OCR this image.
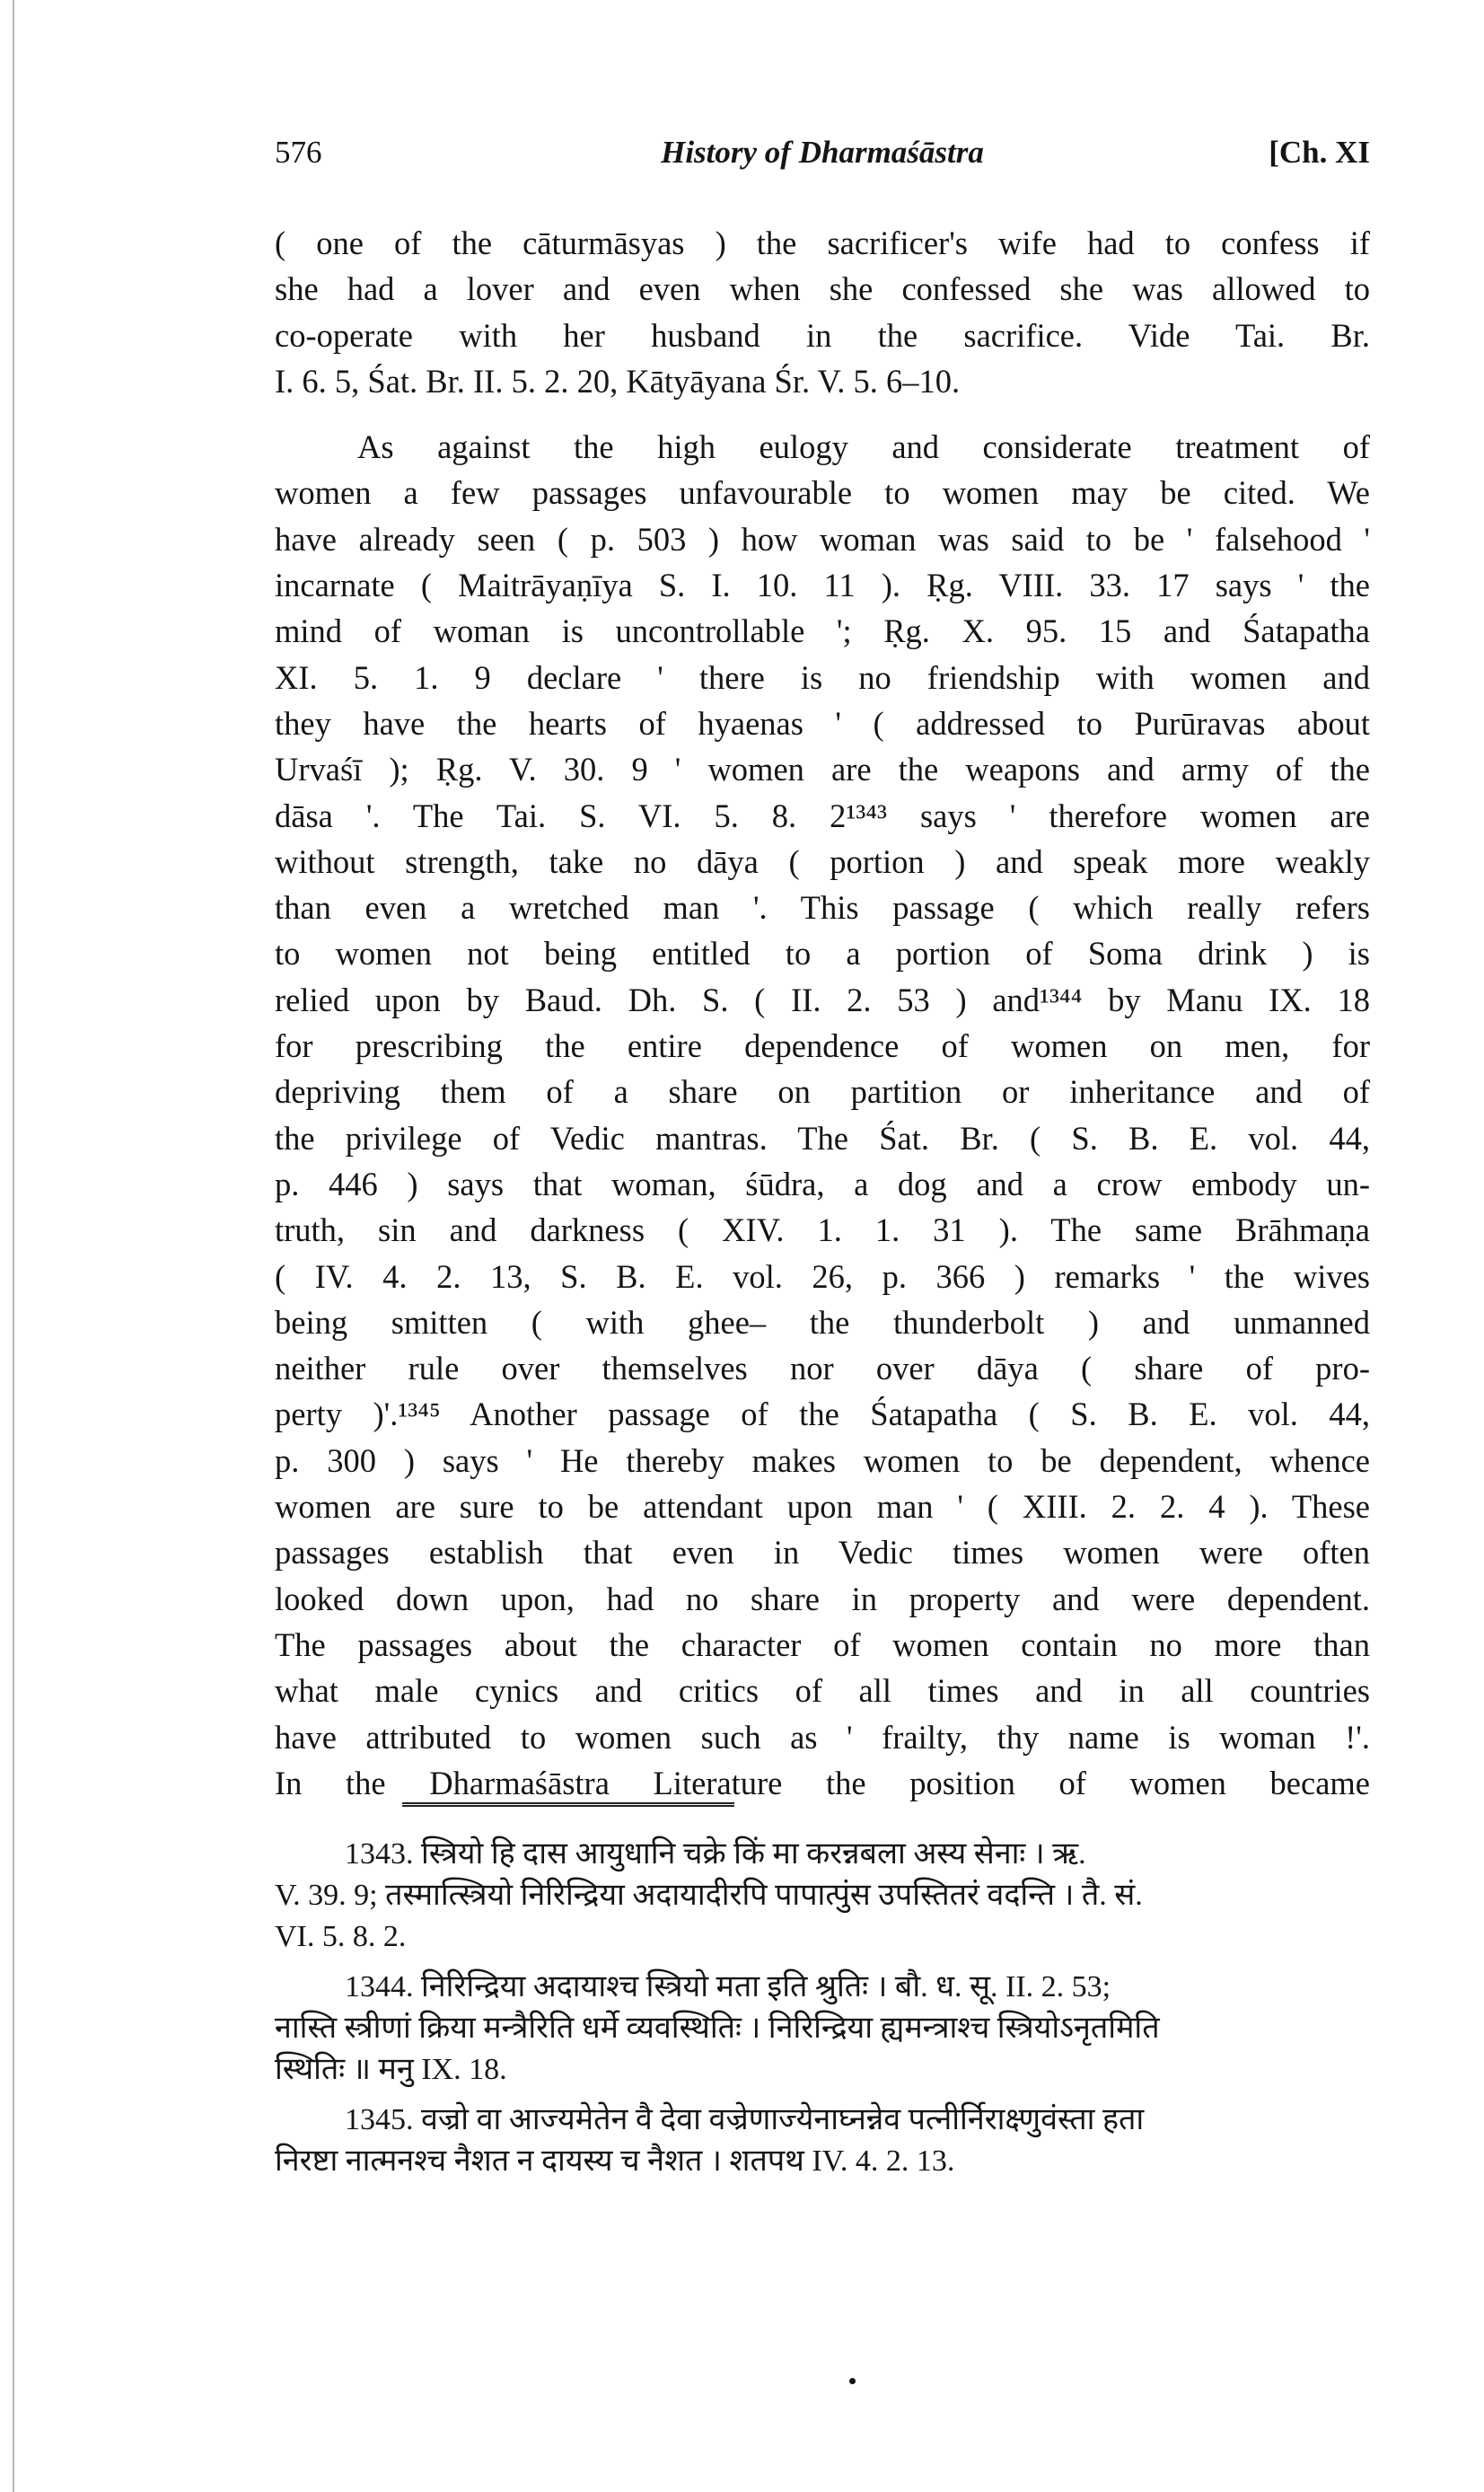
576	History of Dharmaśāstra	[Ch. XI
( one of the cāturmāsyas ) the sacrificer's wife had to confess if
she had a lover and even when she confessed she was allowed to
co-operate with her husband in the sacrifice. Vide Tai. Br.
I. 6. 5, Śat. Br. II. 5. 2. 20, Kātyāyana Śr. V. 5. 6–10.
As against the high eulogy and considerate treatment of
women a few passages unfavourable to women may be cited. We
have already seen ( p. 503 ) how woman was said to be ' falsehood '
incarnate ( Maitrāyaṇīya S. I. 10. 11 ). Ṛg. VIII. 33. 17 says ' the
mind of woman is uncontrollable '; Ṛg. X. 95. 15 and Śatapatha
XI. 5. 1. 9 declare ' there is no friendship with women and
they have the hearts of hyaenas ' ( addressed to Purūravas about
Urvaśī ); Ṛg. V. 30. 9 ' women are the weapons and army of the
dāsa '. The Tai. S. VI. 5. 8. 2¹³⁴³ says ' therefore women are
without strength, take no dāya ( portion ) and speak more weakly
than even a wretched man '. This passage ( which really refers
to women not being entitled to a portion of Soma drink ) is
relied upon by Baud. Dh. S. ( II. 2. 53 ) and¹³⁴⁴ by Manu IX. 18
for prescribing the entire dependence of women on men, for
depriving them of a share on partition or inheritance and of
the privilege of Vedic mantras. The Śat. Br. ( S. B. E. vol. 44,
p. 446 ) says that woman, śūdra, a dog and a crow embody un-
truth, sin and darkness ( XIV. 1. 1. 31 ). The same Brāhmaṇa
( IV. 4. 2. 13, S. B. E. vol. 26, p. 366 ) remarks ' the wives
being smitten ( with ghee– the thunderbolt ) and unmanned
neither rule over themselves nor over dāya ( share of pro-
perty )'.¹³⁴⁵ Another passage of the Śatapatha ( S. B. E. vol. 44,
p. 300 ) says ' He thereby makes women to be dependent, whence
women are sure to be attendant upon man ' ( XIII. 2. 2. 4 ). These
passages establish that even in Vedic times women were often
looked down upon, had no share in property and were dependent.
The passages about the character of women contain no more than
what male cynics and critics of all times and in all countries
have attributed to women such as ' frailty, thy name is woman !'.
In the Dharmaśāstra Literature the position of women became
1343. स्त्रियो हि दास आयुधानि चक्रे किं मा करन्नबला अस्य सेनाः । ऋ.
V. 39. 9; तस्मात्स्त्रियो निरिन्द्रिया अदायादीरपि पापात्पुंस उपस्तितरं वदन्ति । तै. सं.
VI. 5. 8. 2.
1344. निरिन्द्रिया अदायाश्च स्त्रियो मता इति श्रुतिः । बौ. ध. सू. II. 2. 53;
नास्ति स्त्रीणां क्रिया मन्त्रैरिति धर्मे व्यवस्थितिः । निरिन्द्रिया ह्यमन्त्राश्च स्त्रियोऽनृतमिति
स्थितिः ॥ मनु IX. 18.
1345. वज्रो वा आज्यमेतेन वै देवा वज्रेणाज्येनाघ्नन्नेव पत्नीर्निराक्ष्णुवंस्ता हता
निरष्टा नात्मनश्च नैशत न दायस्य च नैशत । शतपथ IV. 4. 2. 13.
